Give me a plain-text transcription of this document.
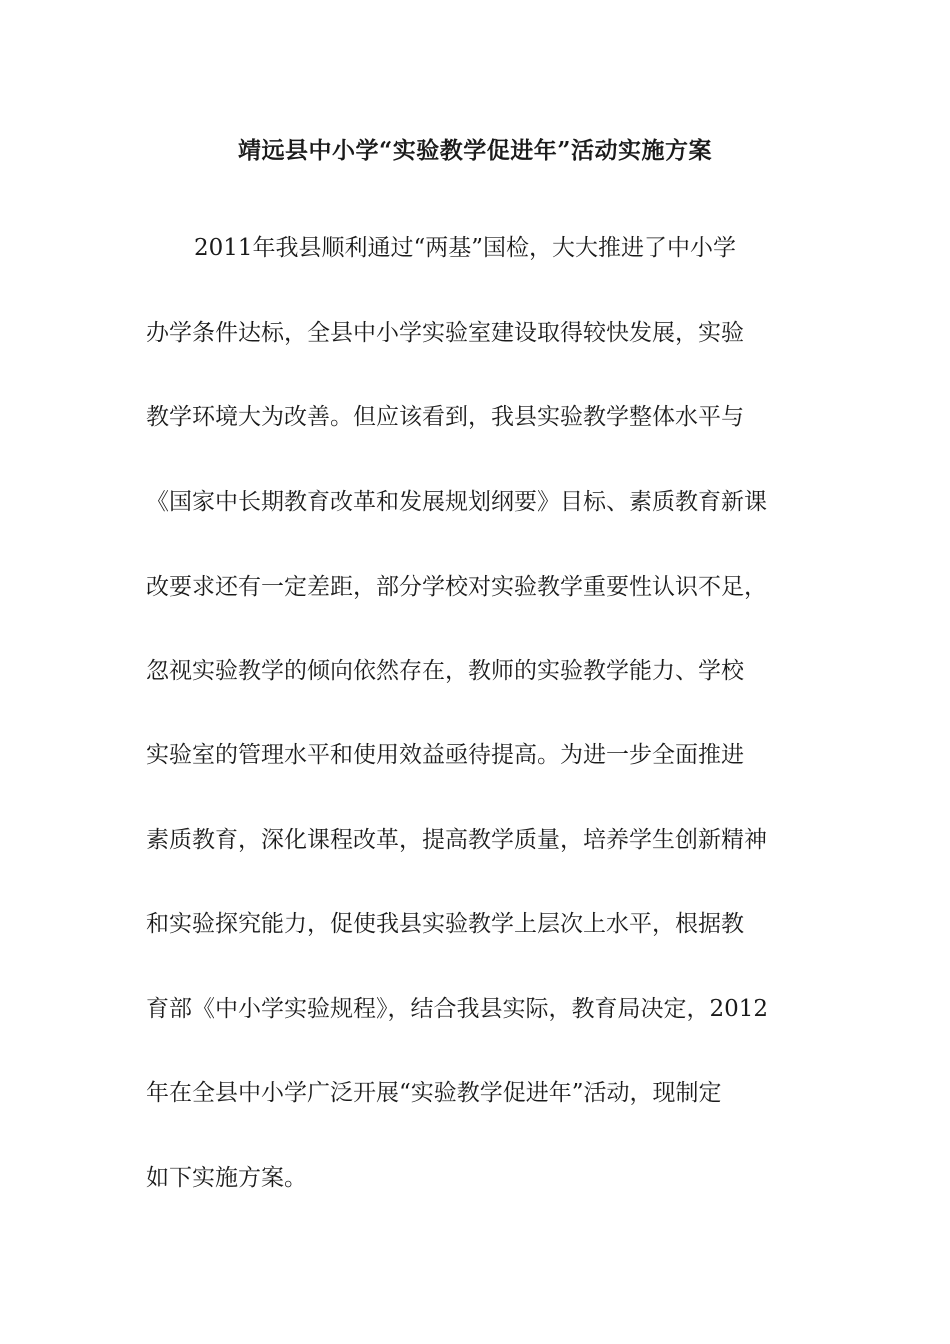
靖远县中小学“实验教学促进年”活动实施方案
2011年我县顺利通过“两基”国检，大大推进了中小学
办学条件达标，全县中小学实验室建设取得较快发展，实验
教学环境大为改善。但应该看到，我县实验教学整体水平与
《国家中长期教育改革和发展规划纲要》目标、素质教育新课
改要求还有一定差距，部分学校对实验教学重要性认识不足，
忽视实验教学的倾向依然存在，教师的实验教学能力、学校
实验室的管理水平和使用效益亟待提高。为进一步全面推进
素质教育，深化课程改革，提高教学质量，培养学生创新精神
和实验探究能力，促使我县实验教学上层次上水平，根据教
育部《中小学实验规程》，结合我县实际，教育局决定，2012
年在全县中小学广泛开展“实验教学促进年”活动，现制定
如下实施方案。
